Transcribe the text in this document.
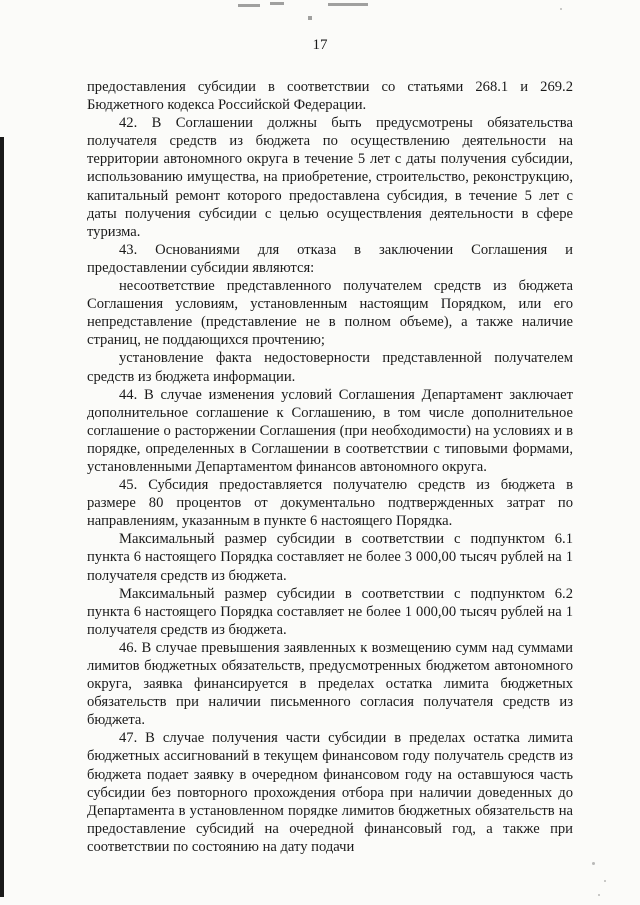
17

предоставления субсидии в соответствии со статьями 268.1 и 269.2 Бюджетного кодекса Российской Федерации.

42. В Соглашении должны быть предусмотрены обязательства получателя средств из бюджета по осуществлению деятельности на территории автономного округа в течение 5 лет с даты получения субсидии, использованию имущества, на приобретение, строительство, реконструкцию, капитальный ремонт которого предоставлена субсидия, в течение 5 лет с даты получения субсидии с целью осуществления деятельности в сфере туризма.

43. Основаниями для отказа в заключении Соглашения и предоставлении субсидии являются:

несоответствие представленного получателем средств из бюджета Соглашения условиям, установленным настоящим Порядком, или его непредставление (представление не в полном объеме), а также наличие страниц, не поддающихся прочтению;

установление факта недостоверности представленной получателем средств из бюджета информации.

44. В случае изменения условий Соглашения Департамент заключает дополнительное соглашение к Соглашению, в том числе дополнительное соглашение о расторжении Соглашения (при необходимости) на условиях и в порядке, определенных в Соглашении в соответствии с типовыми формами, установленными Департаментом финансов автономного округа.

45. Субсидия предоставляется получателю средств из бюджета в размере 80 процентов от документально подтвержденных затрат по направлениям, указанным в пункте 6 настоящего Порядка.

Максимальный размер субсидии в соответствии с подпунктом 6.1 пункта 6 настоящего Порядка составляет не более 3 000,00 тысяч рублей на 1 получателя средств из бюджета.

Максимальный размер субсидии в соответствии с подпунктом 6.2 пункта 6 настоящего Порядка составляет не более 1 000,00 тысяч рублей на 1 получателя средств из бюджета.

46. В случае превышения заявленных к возмещению сумм над суммами лимитов бюджетных обязательств, предусмотренных бюджетом автономного округа, заявка финансируется в пределах остатка лимита бюджетных обязательств при наличии письменного согласия получателя средств из бюджета.

47. В случае получения части субсидии в пределах остатка лимита бюджетных ассигнований в текущем финансовом году получатель средств из бюджета подает заявку в очередном финансовом году на оставшуюся часть субсидии без повторного прохождения отбора при наличии доведенных до Департамента в установленном порядке лимитов бюджетных обязательств на предоставление субсидий на очередной финансовый год, а также при соответствии по состоянию на дату подачи
